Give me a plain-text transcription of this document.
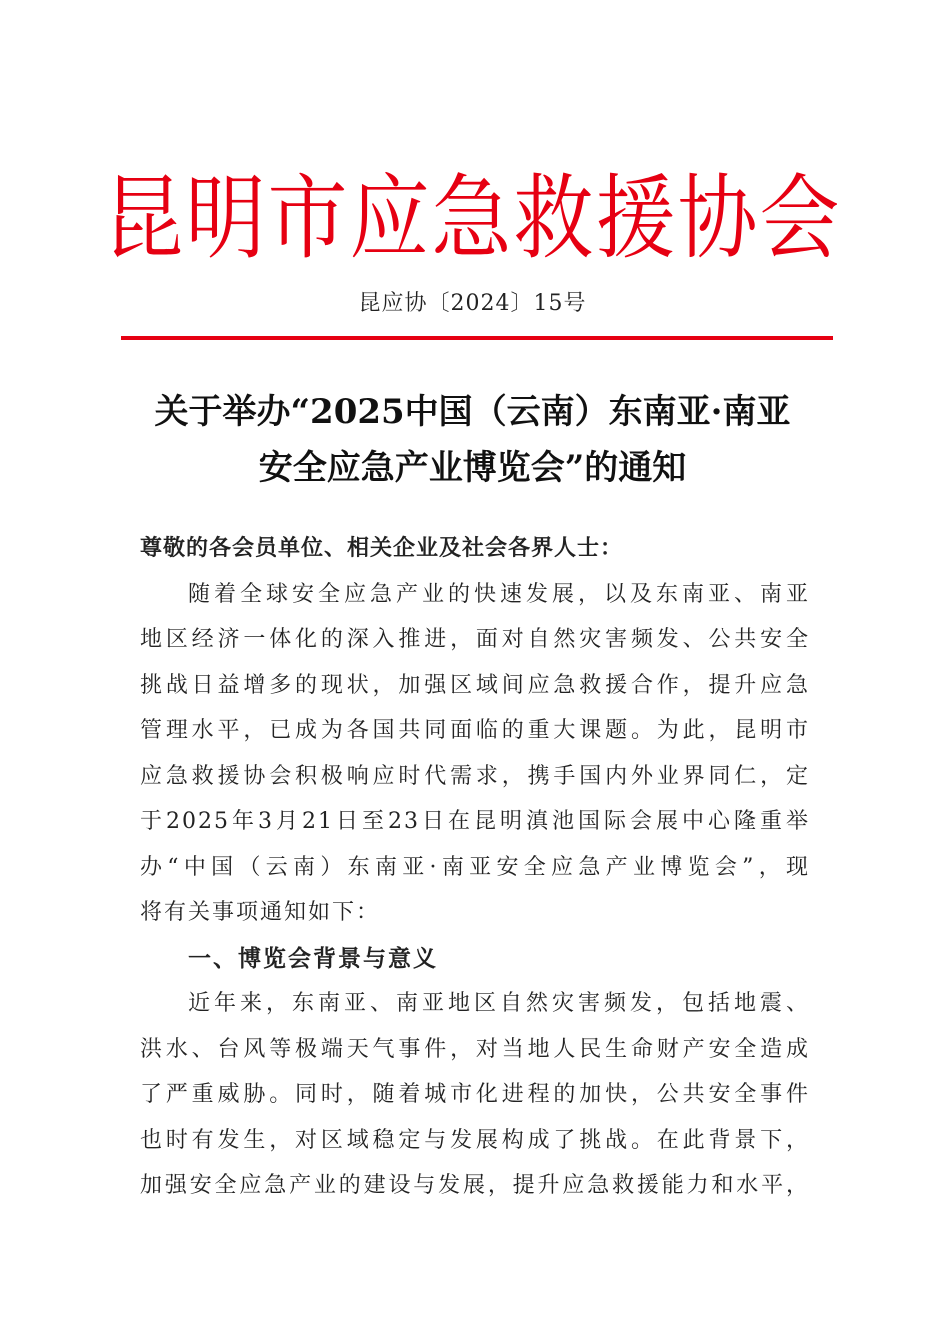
昆明市应急救援协会
昆应协〔2024〕15号
关于举办“2025中国（云南）东南亚·南亚
安全应急产业博览会”的通知
尊敬的各会员单位、相关企业及社会各界人士：
随着全球安全应急产业的快速发展，以及东南亚、南亚
地区经济一体化的深入推进，面对自然灾害频发、公共安全
挑战日益增多的现状，加强区域间应急救援合作，提升应急
管理水平，已成为各国共同面临的重大课题。为此，昆明市
应急救援协会积极响应时代需求，携手国内外业界同仁，定
于2025年3月21日至23日在昆明滇池国际会展中心隆重举
办“中国（云南）东南亚·南亚安全应急产业博览会”，现
将有关事项通知如下：
一、博览会背景与意义
近年来，东南亚、南亚地区自然灾害频发，包括地震、
洪水、台风等极端天气事件，对当地人民生命财产安全造成
了严重威胁。同时，随着城市化进程的加快，公共安全事件
也时有发生，对区域稳定与发展构成了挑战。在此背景下，
加强安全应急产业的建设与发展，提升应急救援能力和水平，
